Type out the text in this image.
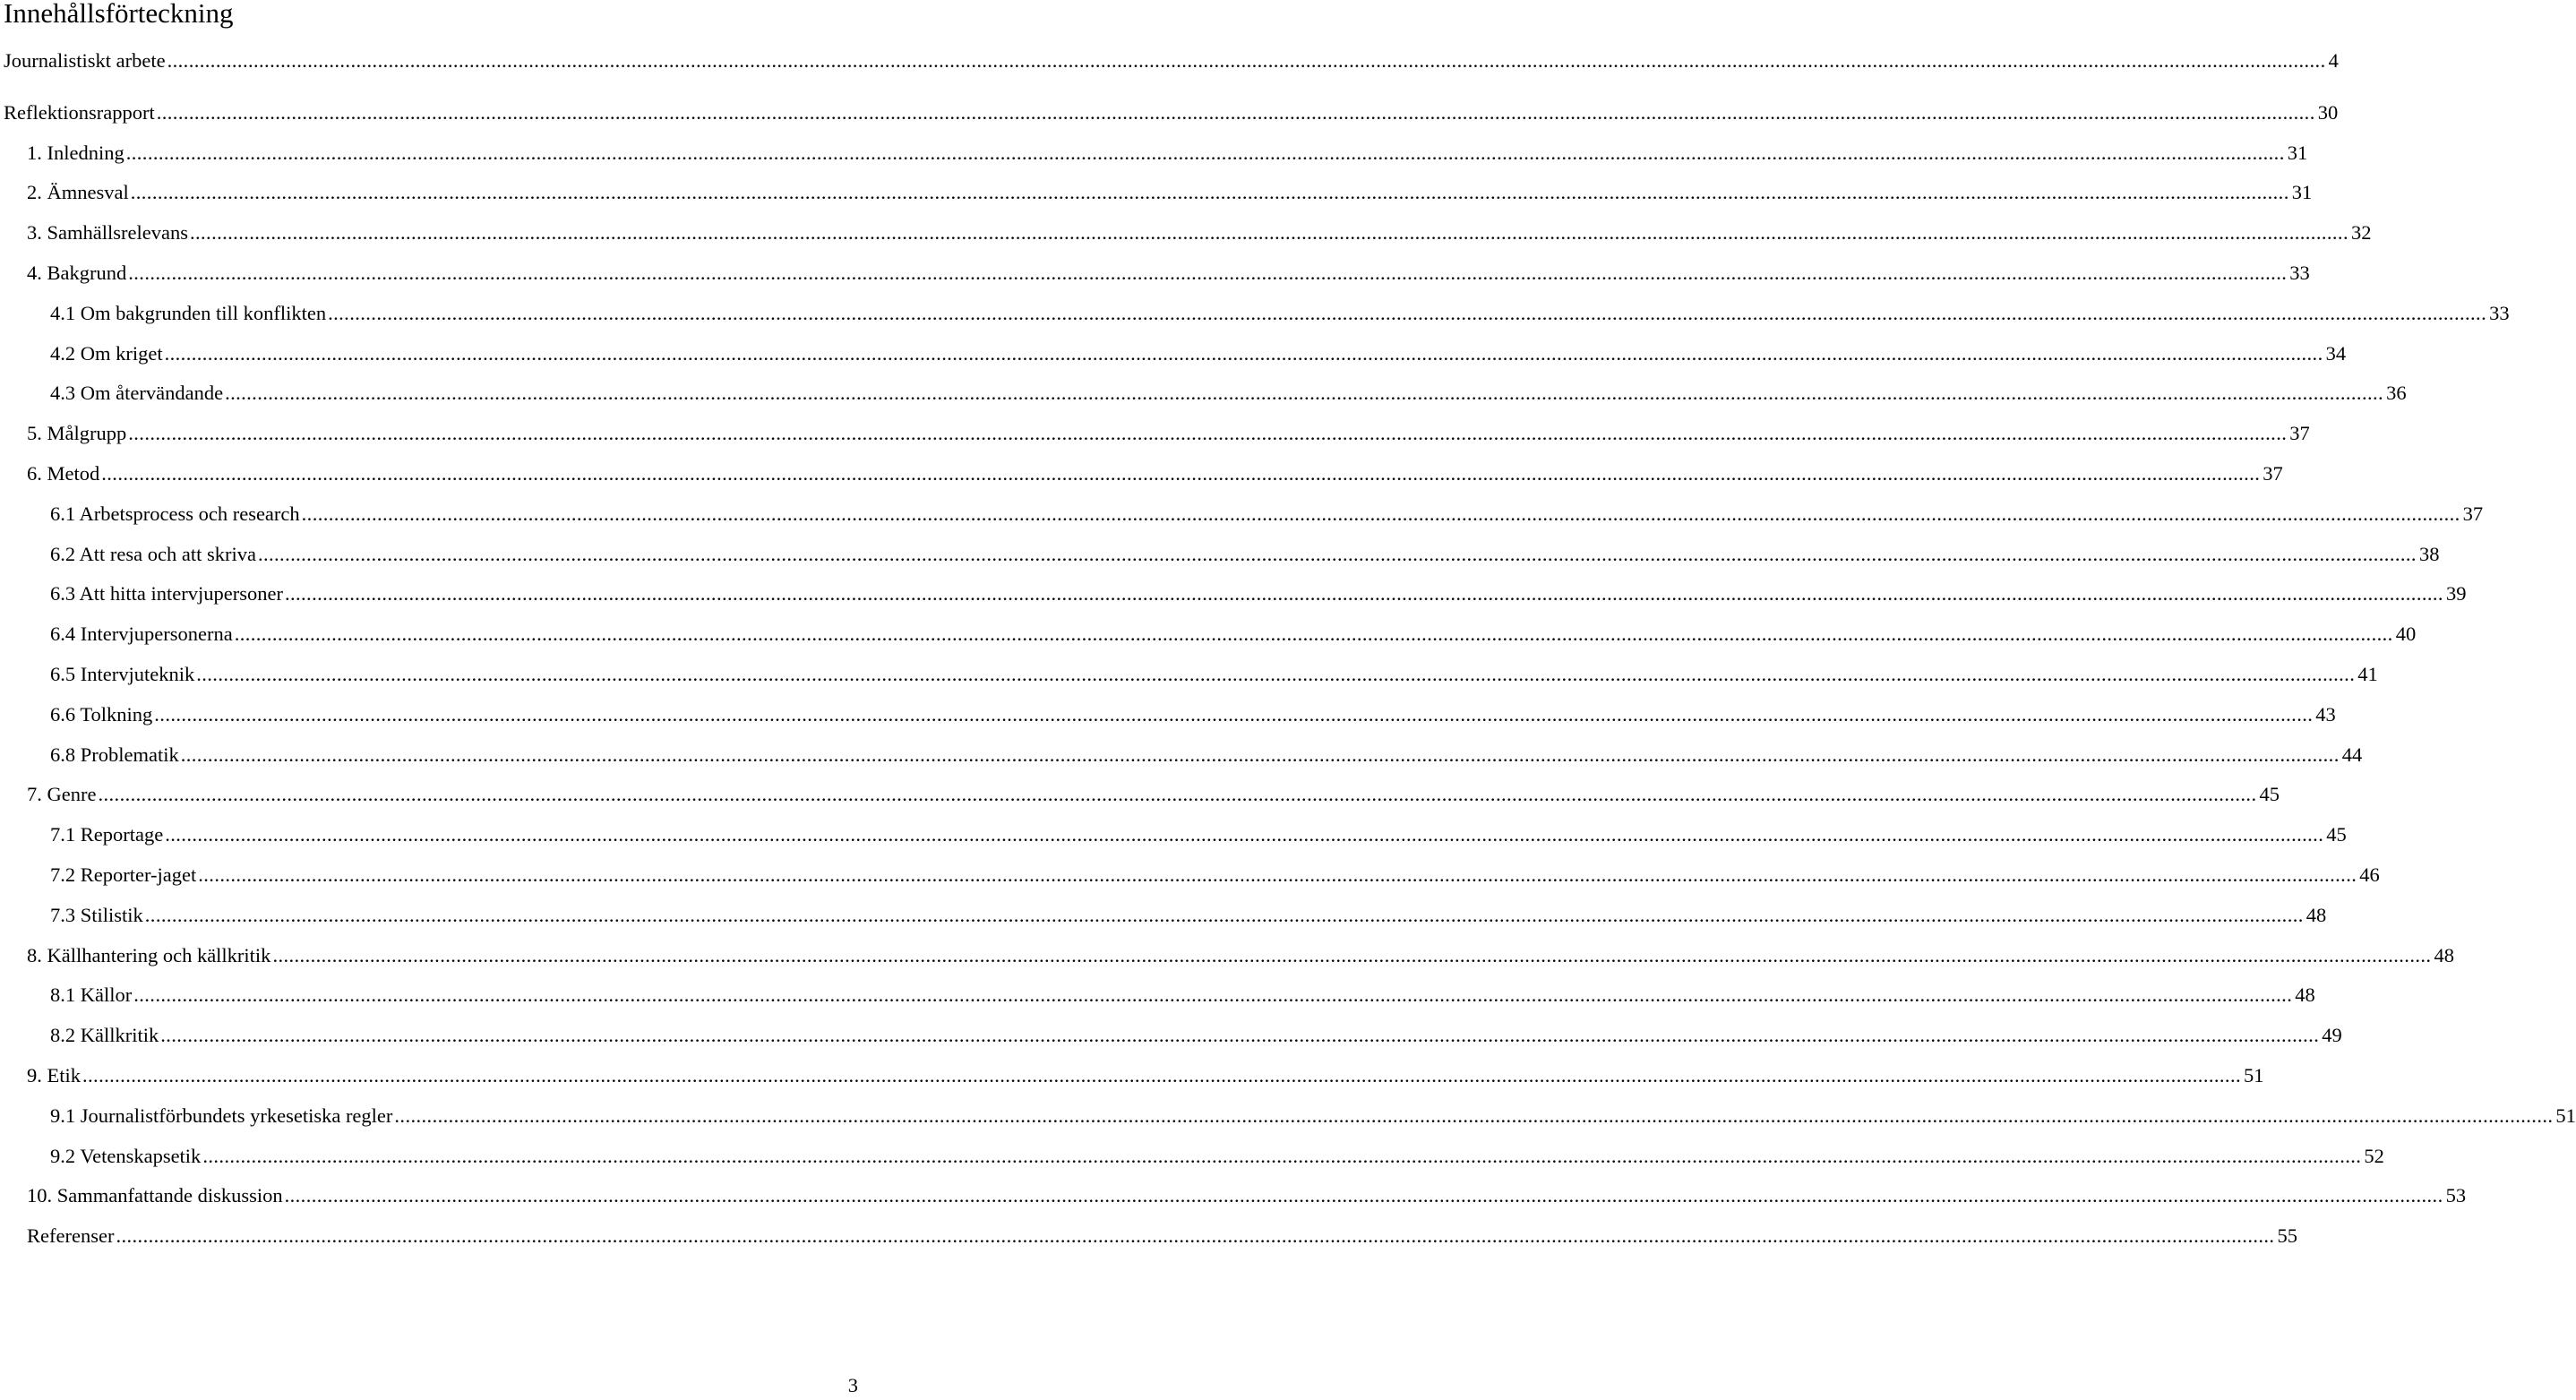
Innehållsförteckning
Journalistiskt arbete ................................................................................................................................................................................................................................................................................................................................................................................................................ 4
Reflektionsrapport ................................................................................................................................................................................................................................................................................................................................................................................................................ 30
1. Inledning ................................................................................................................................................................................................................................................................................................................................................................................................................ 31
2. Ämnesval ................................................................................................................................................................................................................................................................................................................................................................................................................ 31
3. Samhällsrelevans ................................................................................................................................................................................................................................................................................................................................................................................................................ 32
4. Bakgrund ................................................................................................................................................................................................................................................................................................................................................................................................................ 33
4.1 Om bakgrunden till konflikten ................................................................................................................................................................................................................................................................................................................................................................................................................ 33
4.2 Om kriget ................................................................................................................................................................................................................................................................................................................................................................................................................ 34
4.3 Om återvändande ................................................................................................................................................................................................................................................................................................................................................................................................................ 36
5. Målgrupp ................................................................................................................................................................................................................................................................................................................................................................................................................ 37
6. Metod ................................................................................................................................................................................................................................................................................................................................................................................................................ 37
6.1 Arbetsprocess och research ................................................................................................................................................................................................................................................................................................................................................................................................................ 37
6.2 Att resa och att skriva ................................................................................................................................................................................................................................................................................................................................................................................................................ 38
6.3 Att hitta intervjupersoner ................................................................................................................................................................................................................................................................................................................................................................................................................ 39
6.4 Intervjupersonerna ................................................................................................................................................................................................................................................................................................................................................................................................................ 40
6.5 Intervjuteknik ................................................................................................................................................................................................................................................................................................................................................................................................................ 41
6.6 Tolkning ................................................................................................................................................................................................................................................................................................................................................................................................................ 43
6.8 Problematik ................................................................................................................................................................................................................................................................................................................................................................................................................ 44
7. Genre ................................................................................................................................................................................................................................................................................................................................................................................................................ 45
7.1 Reportage ................................................................................................................................................................................................................................................................................................................................................................................................................ 45
7.2 Reporter-jaget ................................................................................................................................................................................................................................................................................................................................................................................................................ 46
7.3 Stilistik ................................................................................................................................................................................................................................................................................................................................................................................................................ 48
8. Källhantering och källkritik ................................................................................................................................................................................................................................................................................................................................................................................................................ 48
8.1 Källor ................................................................................................................................................................................................................................................................................................................................................................................................................ 48
8.2 Källkritik ................................................................................................................................................................................................................................................................................................................................................................................................................ 49
9. Etik ................................................................................................................................................................................................................................................................................................................................................................................................................ 51
9.1 Journalistförbundets yrkesetiska regler ................................................................................................................................................................................................................................................................................................................................................................................................................ 51
9.2 Vetenskapsetik ................................................................................................................................................................................................................................................................................................................................................................................................................ 52
10. Sammanfattande diskussion ................................................................................................................................................................................................................................................................................................................................................................................................................ 53
Referenser ................................................................................................................................................................................................................................................................................................................................................................................................................ 55
3
